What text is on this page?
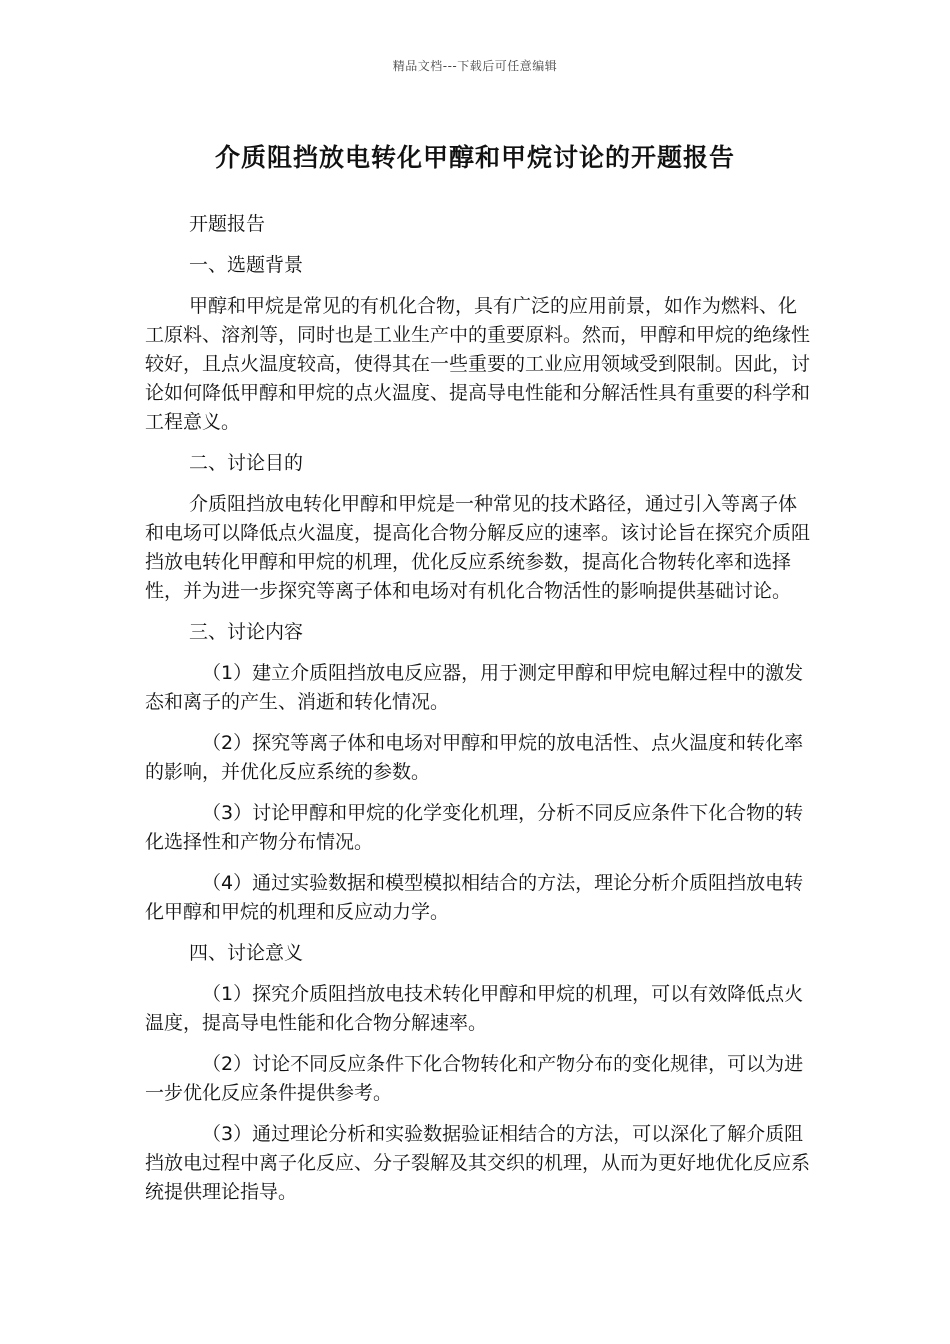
精品文档---下载后可任意编辑
介质阻挡放电转化甲醇和甲烷讨论的开题报告

开题报告

一、选题背景

甲醇和甲烷是常见的有机化合物，具有广泛的应用前景，如作为燃料、化工原料、溶剂等，同时也是工业生产中的重要原料。然而，甲醇和甲烷的绝缘性较好，且点火温度较高，使得其在一些重要的工业应用领域受到限制。因此，讨论如何降低甲醇和甲烷的点火温度、提高导电性能和分解活性具有重要的科学和工程意义。

二、讨论目的

介质阻挡放电转化甲醇和甲烷是一种常见的技术路径，通过引入等离子体和电场可以降低点火温度，提高化合物分解反应的速率。该讨论旨在探究介质阻挡放电转化甲醇和甲烷的机理，优化反应系统参数，提高化合物转化率和选择性，并为进一步探究等离子体和电场对有机化合物活性的影响提供基础讨论。

三、讨论内容

（1）建立介质阻挡放电反应器，用于测定甲醇和甲烷电解过程中的激发态和离子的产生、消逝和转化情况。

（2）探究等离子体和电场对甲醇和甲烷的放电活性、点火温度和转化率的影响，并优化反应系统的参数。

（3）讨论甲醇和甲烷的化学变化机理，分析不同反应条件下化合物的转化选择性和产物分布情况。

（4）通过实验数据和模型模拟相结合的方法，理论分析介质阻挡放电转化甲醇和甲烷的机理和反应动力学。

四、讨论意义

（1）探究介质阻挡放电技术转化甲醇和甲烷的机理，可以有效降低点火温度，提高导电性能和化合物分解速率。

（2）讨论不同反应条件下化合物转化和产物分布的变化规律，可以为进一步优化反应条件提供参考。

（3）通过理论分析和实验数据验证相结合的方法，可以深化了解介质阻挡放电过程中离子化反应、分子裂解及其交织的机理，从而为更好地优化反应系统提供理论指导。
